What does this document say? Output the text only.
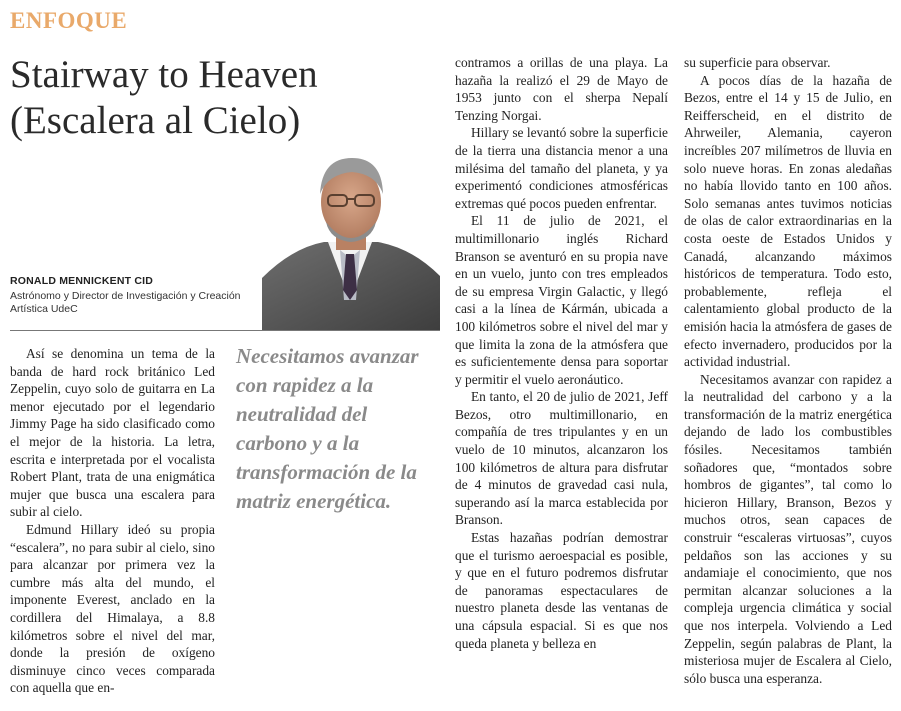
ENFOQUE
Stairway to Heaven (Escalera al Cielo)
RONALD MENNICKENT CID
Astrónomo y Director de Investigación y Creación Artística UdeC

Así se denomina un tema de la banda de hard rock británico Led Zeppelin, cuyo solo de guitarra en La menor ejecutado por el legendario Jimmy Page ha sido clasificado como el mejor de la historia. La letra, escrita e interpretada por el vocalista Robert Plant, trata de una enigmática mujer que busca una escalera para subir al cielo.

Edmund Hillary ideó su propia “escalera”, no para subir al cielo, sino para alcanzar por primera vez la cumbre más alta del mundo, el imponente Everest, anclado en la cordillera del Himalaya, a 8.8 kilómetros sobre el nivel del mar, donde la presión de oxígeno disminuye cinco veces comparada con aquella que en-

Necesitamos avanzar con rapidez a la neutralidad del carbono y a la transformación de la matriz energética.

contramos a orillas de una playa. La hazaña la realizó el 29 de Mayo de 1953 junto con el sherpa Nepalí Tenzing Norgai.

Hillary se levantó sobre la superficie de la tierra una distancia menor a una milésima del tamaño del planeta, y ya experimentó condiciones atmosféricas extremas qué pocos pueden enfrentar.

El 11 de julio de 2021, el multimillonario inglés Richard Branson se aventuró en su propia nave en un vuelo, junto con tres empleados de su empresa Virgin Galactic, y llegó casi a la línea de Kármán, ubicada a 100 kilómetros sobre el nivel del mar y que limita la zona de la atmósfera que es suficientemente densa para soportar y permitir el vuelo aeronáutico.

En tanto, el 20 de julio de 2021, Jeff Bezos, otro multimillonario, en compañía de tres tripulantes y en un vuelo de 10 minutos, alcanzaron los 100 kilómetros de altura para disfrutar de 4 minutos de gravedad casi nula, superando así la marca establecida por Branson.

Estas hazañas podrían demostrar que el turismo aeroespacial es posible, y que en el futuro podremos disfrutar de panoramas espectaculares de nuestro planeta desde las ventanas de una cápsula espacial. Si es que nos queda planeta y belleza en

su superficie para observar.

A pocos días de la hazaña de Bezos, entre el 14 y 15 de Julio, en Reifferscheid, en el distrito de Ahrweiler, Alemania, cayeron increíbles 207 milímetros de lluvia en solo nueve horas. En zonas aledañas no había llovido tanto en 100 años. Solo semanas antes tuvimos noticias de olas de calor extraordinarias en la costa oeste de Estados Unidos y Canadá, alcanzando máximos históricos de temperatura. Todo esto, probablemente, refleja el calentamiento global producto de la emisión hacia la atmósfera de gases de efecto invernadero, producidos por la actividad industrial.

Necesitamos avanzar con rapidez a la neutralidad del carbono y a la transformación de la matriz energética dejando de lado los combustibles fósiles. Necesitamos también soñadores que, “montados sobre hombros de gigantes”, tal como lo hicieron Hillary, Branson, Bezos y muchos otros, sean capaces de construir “escaleras virtuosas”, cuyos peldaños son las acciones y su andamiaje el conocimiento, que nos permitan alcanzar soluciones a la compleja urgencia climática y social que nos interpela. Volviendo a Led Zeppelin, según palabras de Plant, la misteriosa mujer de Escalera al Cielo, sólo busca una esperanza.
